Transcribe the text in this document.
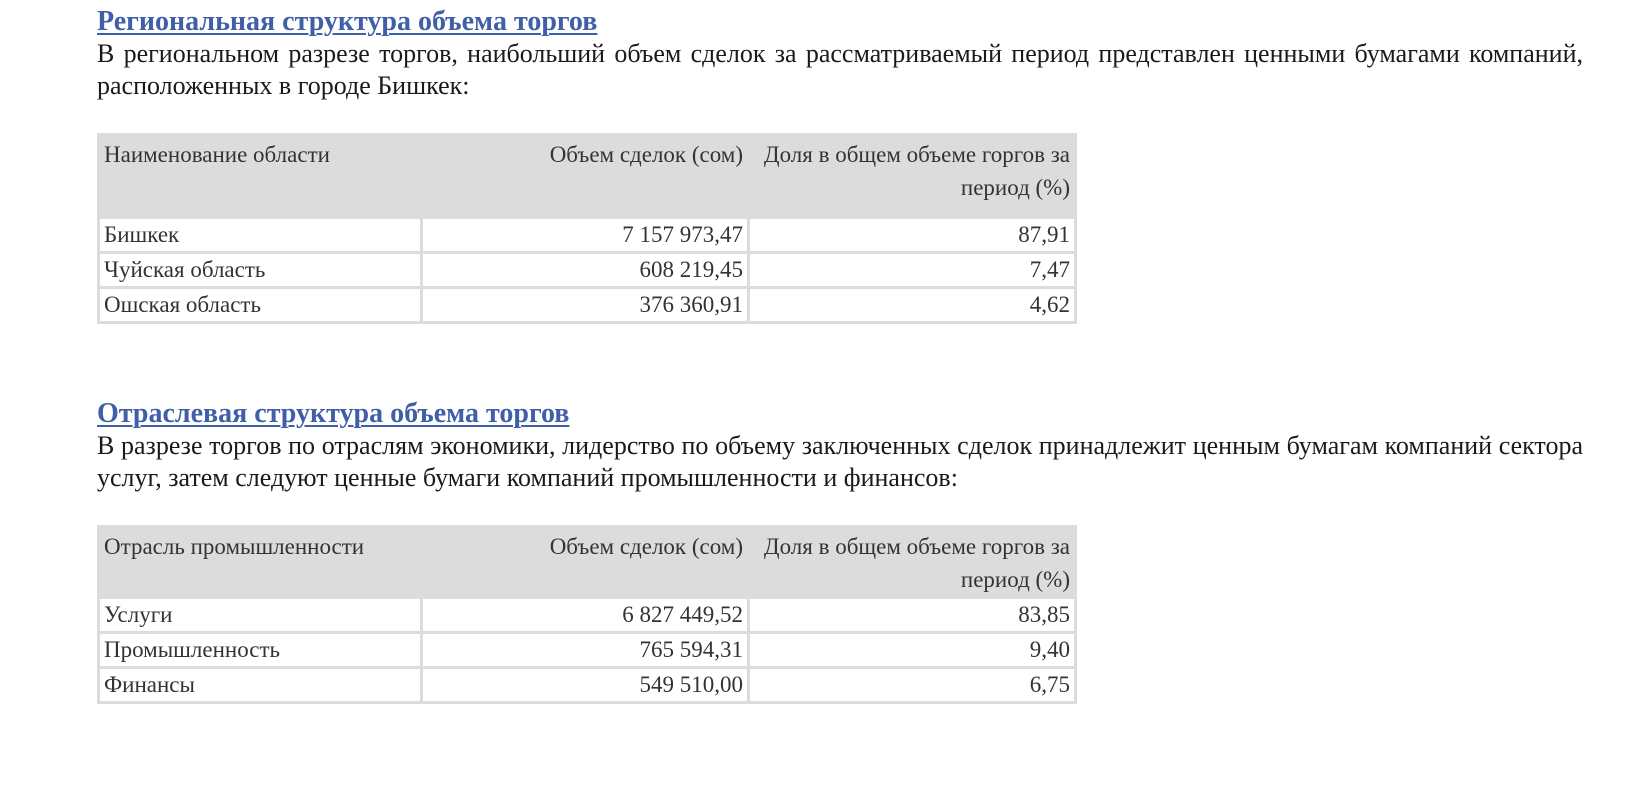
Региональная структура объема торгов

В региональном разрезе торгов, наибольший объем сделок за рассматриваемый период представлен ценными бумагами компаний, расположенных в городе Бишкек:

Наименование области	Объем сделок (сом)	Доля в общем объеме горгов за период (%)
Бишкек	7 157 973,47	87,91
Чуйская область	608 219,45	7,47
Ошская область	376 360,91	4,62
Отраслевая структура объема торгов

В разрезе торгов по отраслям экономики, лидерство по объему заключенных сделок принадлежит ценным бумагам компаний сектора услуг, затем следуют ценные бумаги компаний промышленности и финансов:

Отрасль промышленности	Объем сделок (сом)	Доля в общем объеме горгов за период (%)
Услуги	6 827 449,52	83,85
Промышленность	765 594,31	9,40
Финансы	549 510,00	6,75
